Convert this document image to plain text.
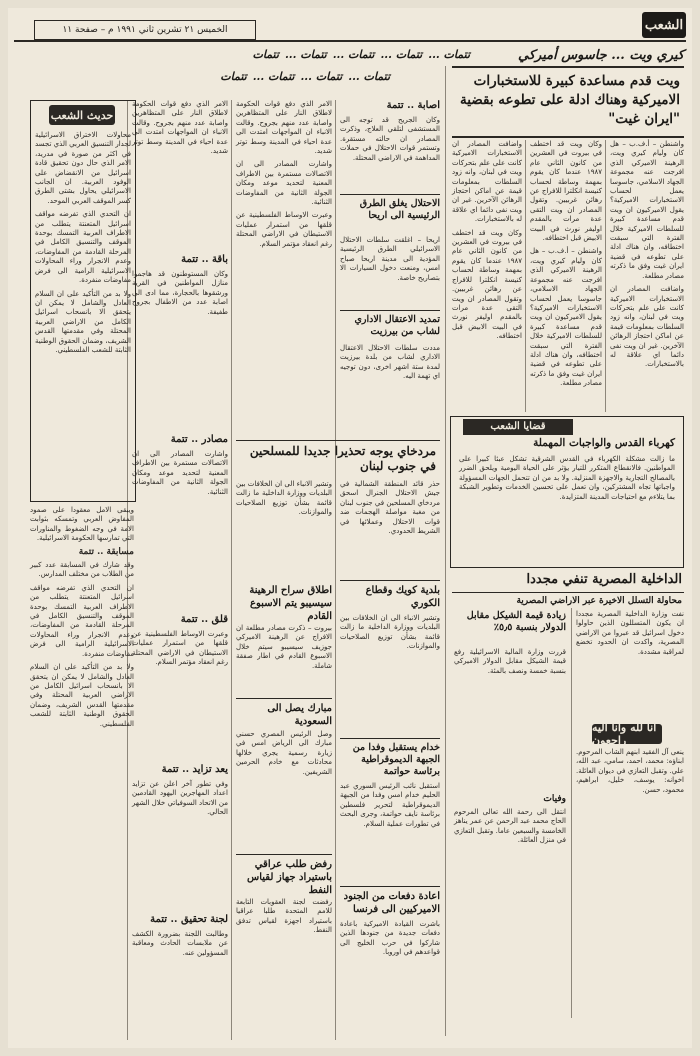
الشعب
الخميس ٢١ تشرين ثاني ١٩٩١ م – صفحة ١١
تتمات ...
تتمات ...
تتمات ...
تتمات ...
تتمات
تتمات ...
تتمات ...
تتمات ...
تتمات
كيري ويت ... جاسوس أميركي
ويت قدم مساعدة كبيرة للاستخبارات الاميركية وهناك ادلة على تطوعه بقضية "ايران غيت"

واشنطن – أ.ف.ب – هل كان وليام كيري ويت، الرهينة الاميركي الذي افرجت عنه مجموعة الجهاد الاسلامي، جاسوسا يعمل لحساب الاستخبارات الاميركية؟ يقول الاميركيون ان ويت قدم مساعدة كبيرة للسلطات الاميركية خلال الفترة التي سبقت اختطافه، وان هناك ادلة على تطوعه في قضية ايران غيت وفق ما ذكرته مصادر مطلعة.

واضافت المصادر ان الاستخبارات الاميركية كانت على علم بتحركات ويت في لبنان، وانه زود السلطات بمعلومات قيمة عن اماكن احتجاز الرهائن الآخرين. غير ان ويت نفى دائما اي علاقة له بالاستخبارات.

وكان ويت قد اختطف في بيروت في العشرين من كانون الثاني عام ١٩٨٧ عندما كان يقوم بمهمة وساطة لحساب كنيسة انكلترا للافراج عن رهائن غربيين. وتقول المصادر ان ويت التقى عدة مرات بالمقدم اوليفر نورث في البيت الابيض قبل اختطافه.

واشنطن – أ.ف.ب – هل كان وليام كيري ويت، الرهينة الاميركي الذي افرجت عنه مجموعة الجهاد الاسلامي، جاسوسا يعمل لحساب الاستخبارات الاميركية؟ يقول الاميركيون ان ويت قدم مساعدة كبيرة للسلطات الاميركية خلال الفترة التي سبقت اختطافه، وان هناك ادلة على تطوعه في قضية ايران غيت وفق ما ذكرته مصادر مطلعة.

واضافت المصادر ان الاستخبارات الاميركية كانت على علم بتحركات ويت في لبنان، وانه زود السلطات بمعلومات قيمة عن اماكن احتجاز الرهائن الآخرين. غير ان ويت نفى دائما اي علاقة له بالاستخبارات.

وكان ويت قد اختطف في بيروت في العشرين من كانون الثاني عام ١٩٨٧ عندما كان يقوم بمهمة وساطة لحساب كنيسة انكلترا للافراج عن رهائن غربيين. وتقول المصادر ان ويت التقى عدة مرات بالمقدم اوليفر نورث في البيت الابيض قبل اختطافه.

قضايا الشعب
كهرباء القدس والواجبات المهملة
ما زالت مشكلة الكهرباء في القدس الشرقية تشكل عبئا كبيرا على المواطنين. فالانقطاع المتكرر للتيار يؤثر على الحياة اليومية ويلحق الضرر بالمصالح التجارية والاجهزة المنزلية. ولا بد من ان تتحمل الجهات المسؤولة واجباتها تجاه المشتركين، وان تعمل على تحسين الخدمات وتطوير الشبكة بما يتلاءم مع احتياجات المدينة المتزايدة.
الداخلية المصرية تنفي مجددا
محاولة التسلل الاخيرة عبر الاراضي المصرية
نفت وزارة الداخلية المصرية مجددا ان يكون المتسللون الذين حاولوا دخول اسرائيل قد عبروا من الاراضي المصرية، واكدت ان الحدود تخضع لمراقبة مشددة.
زيادة قيمة الشيكل مقابل الدولار بنسبة ٥٫٥٪
قررت وزارة المالية الاسرائيلية رفع قيمة الشيكل مقابل الدولار الاميركي بنسبة خمسة ونصف بالمئة.
انا لله وانا اليه راجعون
ينعى آل الفقيد ابنهم الشاب المرحوم. ابناؤه: محمد، احمد، سامي، عبد الله، علي. وتقبل التعازي في ديوان العائلة. اخوانه: يوسف، خليل، ابراهيم، محمود، حسن.
وفيات
انتقل الى رحمة الله تعالى المرحوم الحاج محمد عبد الرحمن عن عمر يناهز الخامسة والسبعين عاما. وتقبل التعازي في منزل العائلة.
اصابة .. تتمة
وكان الجريح قد توجه الى المستشفى لتلقي العلاج، وذكرت المصادر ان حالته مستقرة. وتستمر قوات الاحتلال في حملات المداهمة في الاراضي المحتلة.
الاحتلال يغلق الطرق الرئيسية الى اريحا
اريحا – اغلقت سلطات الاحتلال الاسرائيلي الطرق الرئيسية المؤدية الى مدينة اريحا صباح امس، ومنعت دخول السيارات الا بتصاريح خاصة.
تمديد الاعتقال الاداري لشاب من بيرزيت
مددت سلطات الاحتلال الاعتقال الاداري لشاب من بلدة بيرزيت لمدة ستة اشهر اخرى، دون توجيه اي تهمة اليه.
مردخاي يوجه تحذيرا جديدا للمسلحين في جنوب لبنان
حذر قائد المنطقة الشمالية في جيش الاحتلال الجنرال اسحق مردخاي المسلحين في جنوب لبنان من مغبة مواصلة الهجمات ضد قوات الاحتلال وعملائها في الشريط الحدودي.
وتشير الانباء الى ان الخلافات بين البلديات ووزارة الداخلية ما زالت قائمة بشأن توزيع الصلاحيات والموازنات.
بلدية كويك وقطاع الكوري
وتشير الانباء الى ان الخلافات بين البلديات ووزارة الداخلية ما زالت قائمة بشأن توزيع الصلاحيات والموازنات.
اطلاق سراح الرهينة سيسيبو يتم الاسبوع القادم
بيروت – ذكرت مصادر مطلعة ان الافراج عن الرهينة الاميركي جوزيف سيسيبو سيتم خلال الاسبوع القادم في اطار صفقة شاملة.
مبارك يصل الى السعودية
وصل الرئيس المصري حسني مبارك الى الرياض امس في زيارة رسمية يجري خلالها محادثات مع خادم الحرمين الشريفين.
خدام يستقبل وفدا من الجبهة الديموقراطية برئاسة حواتمة
استقبل نائب الرئيس السوري عبد الحليم خدام امس وفدا من الجبهة الديموقراطية لتحرير فلسطين برئاسة نايف حواتمة، وجرى البحث في تطورات عملية السلام.
اعادة دفعات من الجنود الاميركيين الى فرنسا
باشرت القيادة الاميركية باعادة دفعات جديدة من جنودها الذين شاركوا في حرب الخليج الى قواعدهم في اوروبا.
رفض طلب عراقي باستيراد جهاز لقياس النفط
رفضت لجنة العقوبات التابعة للامم المتحدة طلبا عراقيا باستيراد اجهزة لقياس تدفق النفط.

الامر الذي دفع قوات الحكومة لاطلاق النار على المتظاهرين واصابة عدد منهم بجروح. وقالت الانباء ان المواجهات امتدت الى عدة احياء في المدينة وسط توتر شديد.

واشارت المصادر الى ان الاتصالات مستمرة بين الاطراف المعنية لتحديد موعد ومكان الجولة الثانية من المفاوضات الثنائية.

وعبرت الاوساط الفلسطينية عن قلقها من استمرار عمليات الاستيطان في الاراضي المحتلة رغم انعقاد مؤتمر السلام.

الامر الذي دفع قوات الحكومة لاطلاق النار على المتظاهرين واصابة عدد منهم بجروح. وقالت الانباء ان المواجهات امتدت الى عدة احياء في المدينة وسط توتر شديد.

باقة .. تتمة
وكان المستوطنون قد هاجموا منازل المواطنين في القرية ورشقوها بالحجارة، مما ادى الى اصابة عدد من الاطفال بجروح طفيفة.
مصادر .. تتمة
واشارت المصادر الى ان الاتصالات مستمرة بين الاطراف المعنية لتحديد موعد ومكان الجولة الثانية من المفاوضات الثنائية.
قلق .. تتمة
وعبرت الاوساط الفلسطينية عن قلقها من استمرار عمليات الاستيطان في الاراضي المحتلة رغم انعقاد مؤتمر السلام.
يعد تزايد .. تتمة
وفي تطور آخر اعلن عن تزايد اعداد المهاجرين اليهود القادمين من الاتحاد السوفياتي خلال الشهر الحالي.
لجنة تحقيق .. تتمة
وطالبت اللجنة بضرورة الكشف عن ملابسات الحادث ومعاقبة المسؤولين عنه.
حديث الشعب

محاولات الاختراق الاسرائيلية لجدار التنسيق العربي الذي تجسد في اكثر من صورة في مدريد، الامر الذي حال دون تحقيق قادة اسرائيل من الانقضاض على الوفود العربية. ان الجانب الاسرائيلي يحاول بشتى الطرق كسر الموقف العربي الموحد.

ان التحدي الذي تفرضه مواقف اسرائيل المتعنتة يتطلب من الاطراف العربية التمسك بوحدة الموقف والتنسيق الكامل في المرحلة القادمة من المفاوضات، وعدم الانجرار وراء المحاولات الاسرائيلية الرامية الى فرض مفاوضات منفردة.

ولا بد من التأكيد على ان السلام العادل والشامل لا يمكن ان يتحقق الا بانسحاب اسرائيل الكامل من الاراضي العربية المحتلة وفي مقدمتها القدس الشريف، وضمان الحقوق الوطنية الثابتة للشعب الفلسطيني.

ويبقى الامل معقودا على صمود المفاوض العربي وتمسكه بثوابت الامة في وجه الضغوط والمناورات التي تمارسها الحكومة الاسرائيلية.

مسابقة .. تتمة

وقد شارك في المسابقة عدد كبير من الطلاب من مختلف المدارس.

ان التحدي الذي تفرضه مواقف اسرائيل المتعنتة يتطلب من الاطراف العربية التمسك بوحدة الموقف والتنسيق الكامل في المرحلة القادمة من المفاوضات، وعدم الانجرار وراء المحاولات الاسرائيلية الرامية الى فرض مفاوضات منفردة.

ولا بد من التأكيد على ان السلام العادل والشامل لا يمكن ان يتحقق الا بانسحاب اسرائيل الكامل من الاراضي العربية المحتلة وفي مقدمتها القدس الشريف، وضمان الحقوق الوطنية الثابتة للشعب الفلسطيني.
